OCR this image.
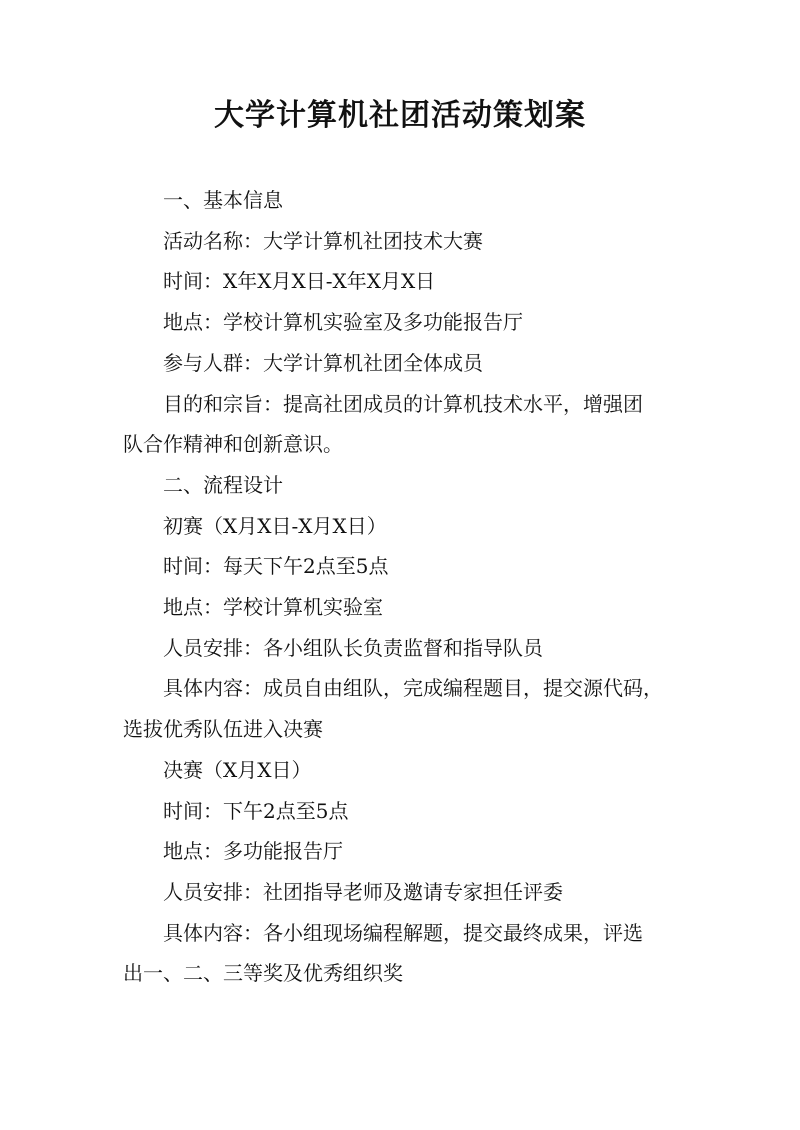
大学计算机社团活动策划案

一、基本信息

活动名称：大学计算机社团技术大赛

时间：X年X月X日-X年X月X日

地点：学校计算机实验室及多功能报告厅

参与人群：大学计算机社团全体成员

目的和宗旨：提高社团成员的计算机技术水平，增强团

队合作精神和创新意识。

二、流程设计

初赛（X月X日-X月X日）

时间：每天下午2点至5点

地点：学校计算机实验室

人员安排：各小组队长负责监督和指导队员

具体内容：成员自由组队，完成编程题目，提交源代码，

选拔优秀队伍进入决赛

决赛（X月X日）

时间：下午2点至5点

地点：多功能报告厅

人员安排：社团指导老师及邀请专家担任评委

具体内容：各小组现场编程解题，提交最终成果，评选

出一、二、三等奖及优秀组织奖
